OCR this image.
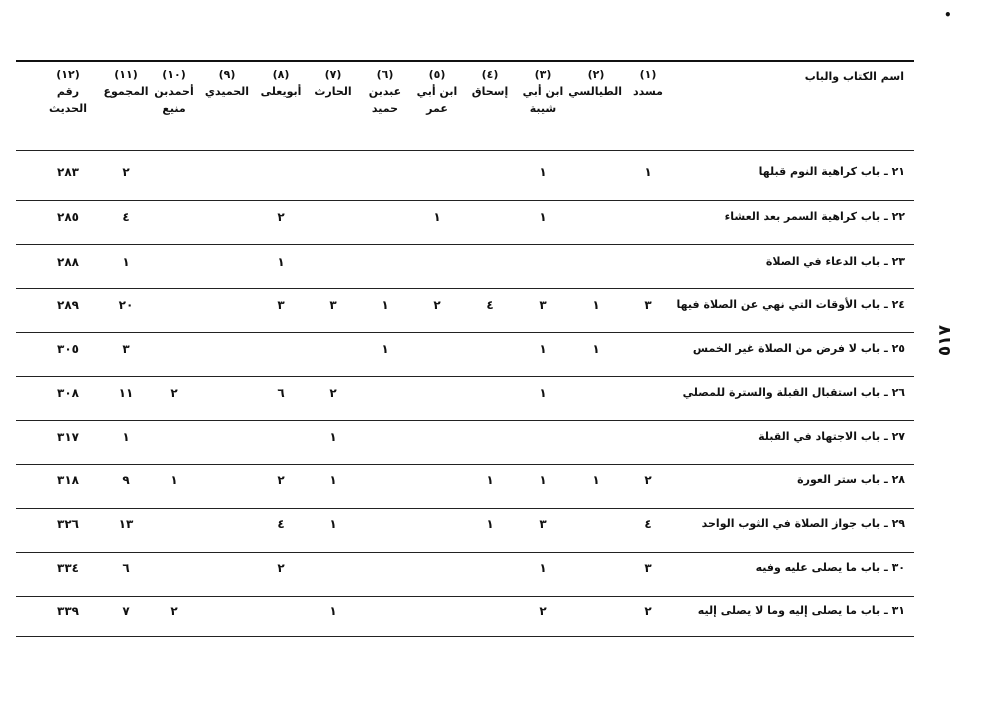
•
٥١٧
اسم الكتاب والباب
(١)
مسدد
(٢)
الطيالسي
(٣)
ابن أبي شيبة
(٤)
إسحاق
(٥)
ابن أبي عمر
(٦)
عبدبن حميد
(٧)
الحارث
(٨)
أبويعلى
(٩)
الحميدي
(١٠)
أحمدبن منيع
(١١)
المجموع
(١٢)
رقم الحديث
٢١ ـ باب كراهية النوم قبلها
١
١
٢
٢٨٣
٢٢ ـ باب كراهية السمر بعد العشاء
١
١
٢
٤
٢٨٥
٢٣ ـ باب الدعاء في الصلاة
١
١
٢٨٨
٢٤ ـ باب الأوقات التي نهي عن الصلاة فيها
٣
١
٣
٤
٢
١
٣
٣
٢٠
٢٨٩
٢٥ ـ باب لا فرض من الصلاة غير الخمس
١
١
١
٣
٣٠٥
٢٦ ـ باب استقبال القبلة والسترة للمصلي
١
٢
٦
٢
١١
٣٠٨
٢٧ ـ باب الاجتهاد في القبلة
١
١
٣١٧
٢٨ ـ باب ستر العورة
٢
١
١
١
١
٢
١
٩
٣١٨
٢٩ ـ باب جواز الصلاة في الثوب الواحد
٤
٣
١
١
٤
١٣
٣٢٦
٣٠ ـ باب ما يصلى عليه وفيه
٣
١
٢
٦
٣٣٤
٣١ ـ باب ما يصلى إليه وما لا يصلى إليه
٢
٢
١
٢
٧
٣٣٩
